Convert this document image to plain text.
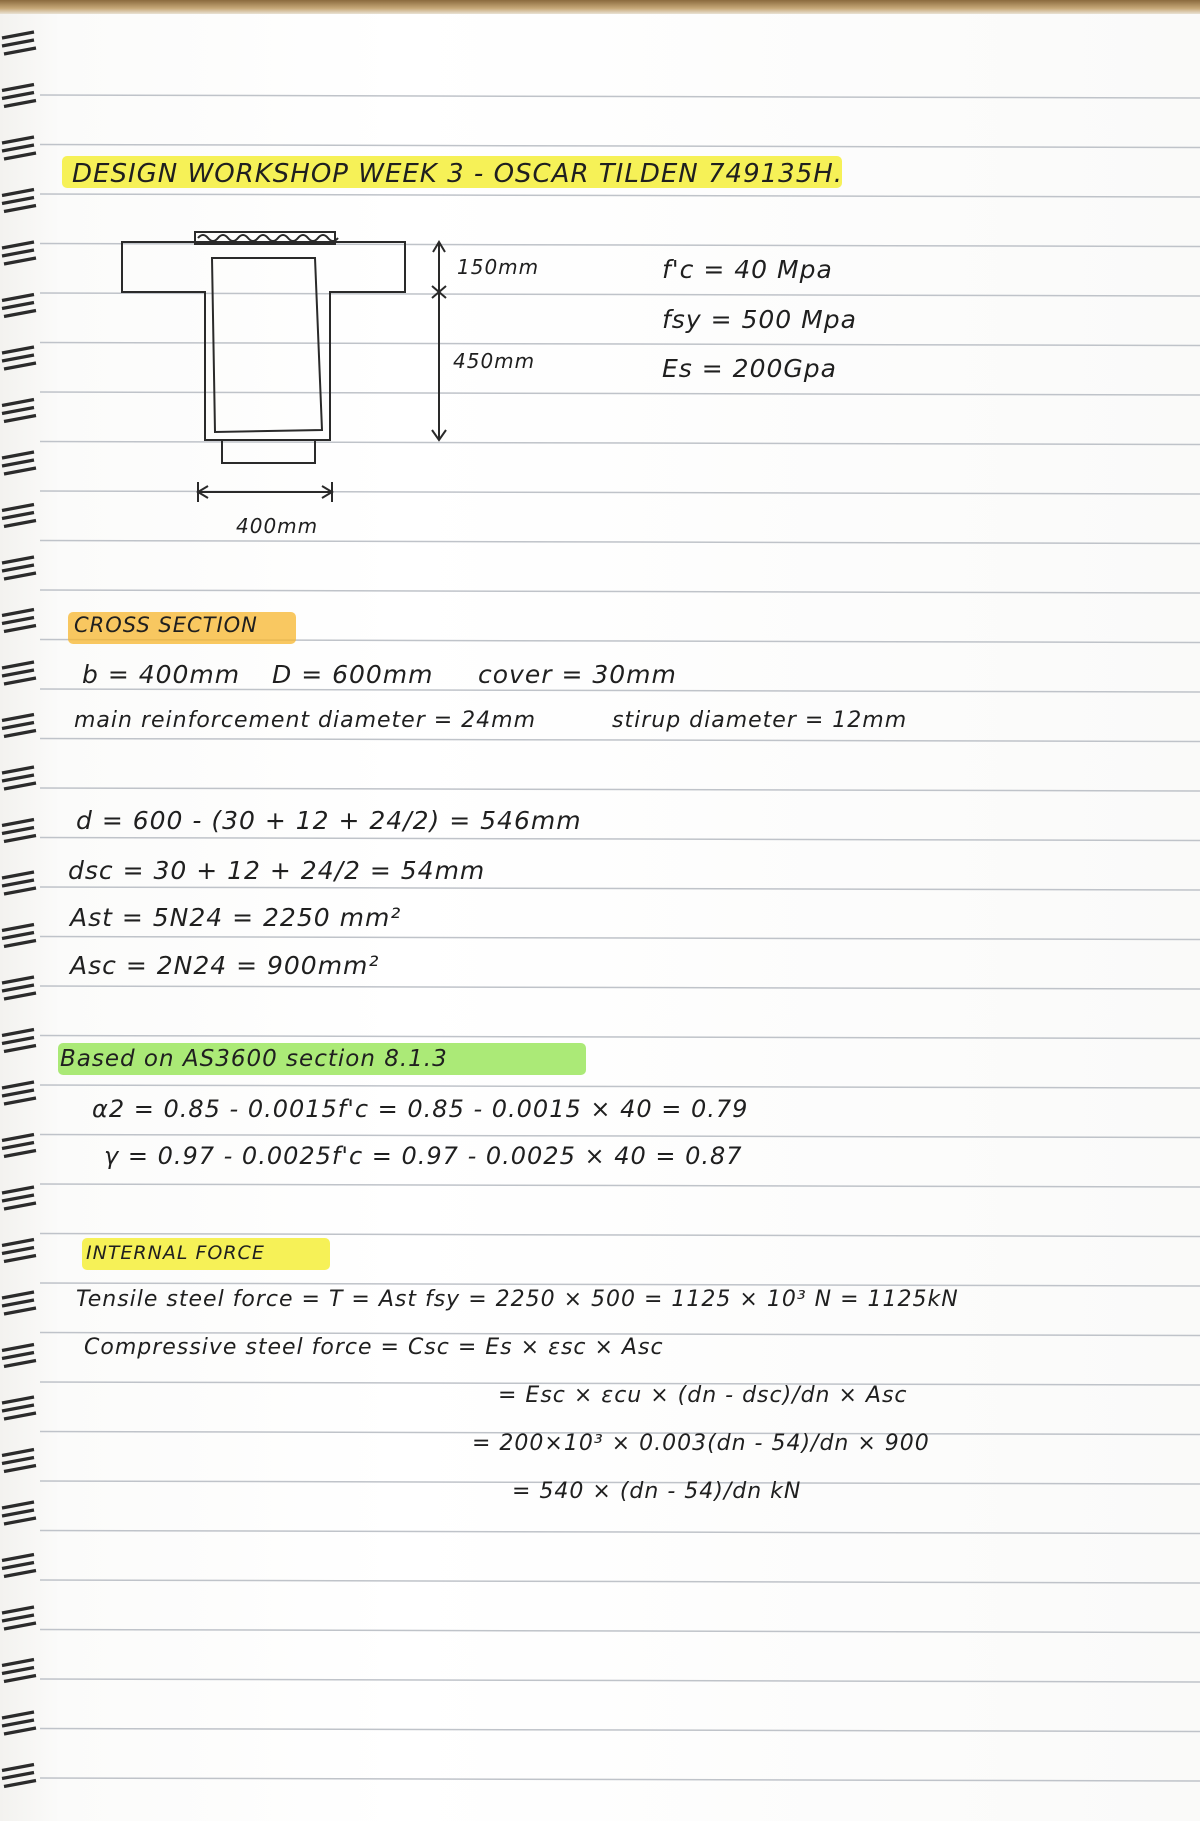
DESIGN WORKSHOP WEEK 3 - OSCAR TILDEN 749135H.
150mm
450mm
400mm
f'c = 40 Mpa
fsy = 500 Mpa
Es = 200Gpa
CROSS SECTION
b = 400mm D = 600mm cover = 30mm
main reinforcement diameter = 24mm	stirup diameter = 12mm
d = 600 - (30 + 12 + 24/2) = 546mm
dsc = 30 + 12 + 24/2 = 54mm
Ast = 5N24 = 2250 mm²
Asc = 2N24 = 900mm²
Based on AS3600 section 8.1.3
α2 = 0.85 - 0.0015f'c = 0.85 - 0.0015 × 40 = 0.79
γ = 0.97 - 0.0025f'c = 0.97 - 0.0025 × 40 = 0.87
INTERNAL FORCE
Tensile steel force = T = Ast fsy = 2250 × 500 = 1125 × 10³ N = 1125kN
Compressive steel force = Csc = Es × εsc × Asc
= Esc × εcu × (dn - dsc)/dn × Asc
= 200×10³ × 0.003(dn - 54)/dn × 900
= 540 × (dn - 54)/dn kN
